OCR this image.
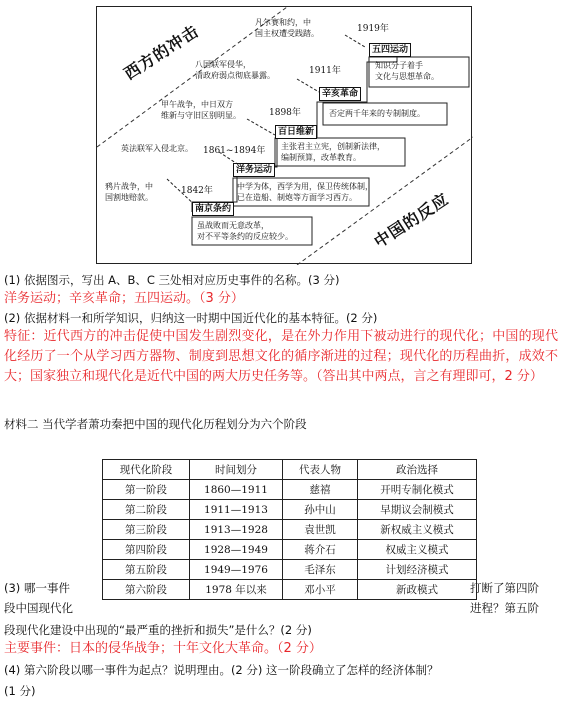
西方的冲击
中国的反应
凡尔赛和约，中
国主权遭受践踏。
八国联军侵华，
清政府弱点彻底暴露。
甲午战争，中日双方
维新与守旧区别明显。
英法联军入侵北京。
鸦片战争，中
国割地赔款。
1919年
1911年
1898年
1861~1894年
1842年
五四运动
辛亥革命
百日维新
洋务运动
南京条约
知识分子着手
文化与思想革命。
否定两千年来的专制制度。
主张君主立宪，创制新法律，
编制预算，改革教育。
中学为体，西学为用，保卫传统体制，
已在造船、制炮等方面学习西方。
虽战败而无意改革，
对不平等条约的反应较少。
(1) 依据图示，写出 A、B、C 三处相对应历史事件的名称。(3 分)
洋务运动；辛亥革命；五四运动。（3 分）
(2) 依据材料一和所学知识，归纳这一时期中国近代化的基本特征。(2 分)
特征：近代西方的冲击促使中国发生剧烈变化，是在外力作用下被动进行的现代化；中国的现代化经历了一个从学习西方器物、制度到思想文化的循序渐进的过程；现代化的历程曲折，成效不大；国家独立和现代化是近代中国的两大历史任务等。（答出其中两点，言之有理即可，2 分）
材料二 当代学者萧功秦把中国的现代化历程划分为六个阶段
现代化阶段	时间划分	代表人物	政治选择
第一阶段	1860—1911	慈禧	开明专制化模式
第二阶段	1911—1913	孙中山	早期议会制模式
第三阶段	1913—1928	袁世凯	新权威主义模式
第四阶段	1928—1949	蒋介石	权威主义模式
第五阶段	1949—1976	毛泽东	计划经济模式
第六阶段	1978 年以来	邓小平	新政模式
(3) 哪一事件
段中国现代化
打断了第四阶
进程？第五阶
段现代化建设中出现的“最严重的挫折和损失”是什么？(2 分)
主要事件：日本的侵华战争；十年文化大革命。（2 分）
(4) 第六阶段以哪一事件为起点？说明理由。(2 分) 这一阶段确立了怎样的经济体制？
(1 分)
